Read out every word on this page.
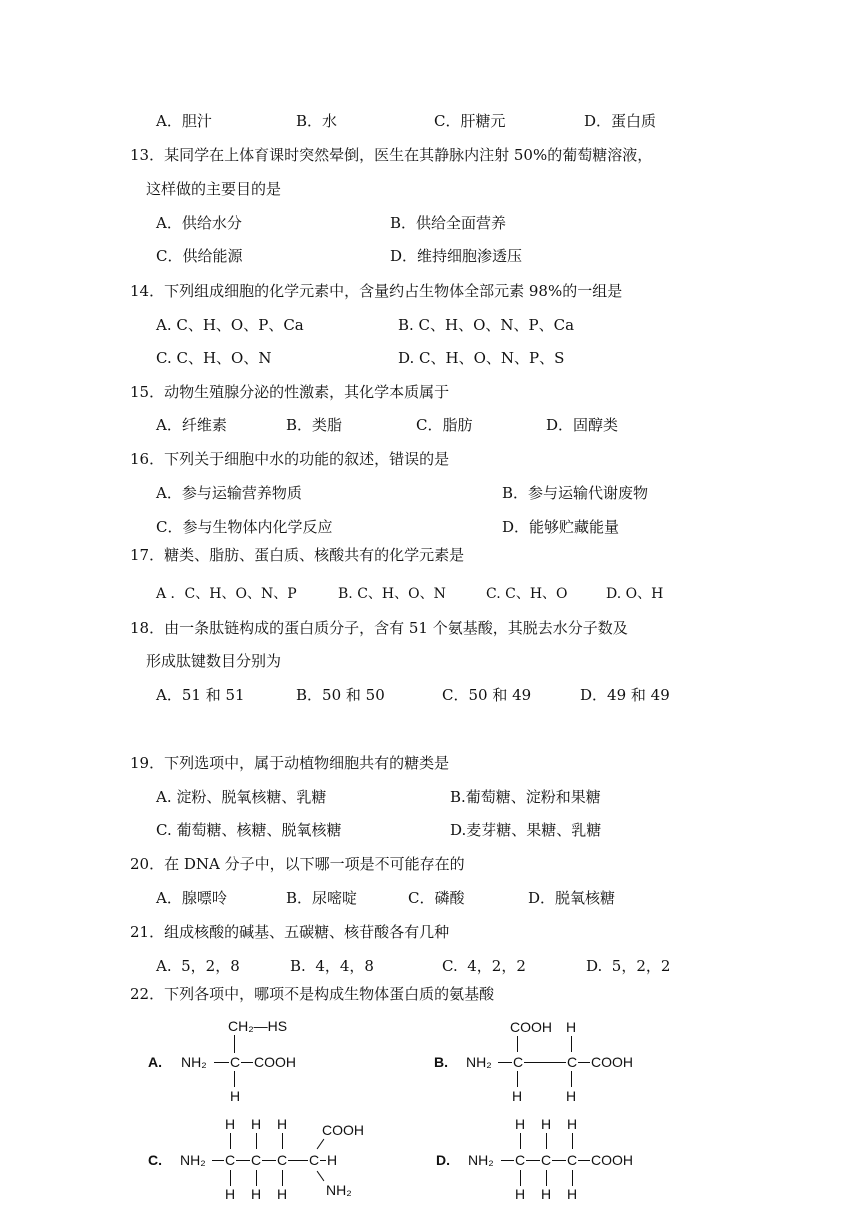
A．胆汁	B．水	C．肝糖元	D．蛋白质
13．某同学在上体育课时突然晕倒，医生在其静脉内注射 50%的葡萄糖溶液，
这样做的主要目的是
A．供给水分	B．供给全面营养
C．供给能源	D．维持细胞渗透压
14．下列组成细胞的化学元素中，含量约占生物体全部元素 98%的一组是
A. C、H、O、P、Ca	B. C、H、O、N、P、Ca
C. C、H、O、N	D. C、H、O、N、P、S
15．动物生殖腺分泌的性激素，其化学本质属于
A．纤维素	B．类脂	C．脂肪	D．固醇类
16．下列关于细胞中水的功能的叙述，错误的是
A．参与运输营养物质	B．参与运输代谢废物
C．参与生物体内化学反应	D．能够贮藏能量
17．糖类、脂肪、蛋白质、核酸共有的化学元素是
A ．C、H、O、N、P	B. C、H、O、N	C. C、H、O	D. O、H
18．由一条肽链构成的蛋白质分子，含有 51 个氨基酸，其脱去水分子数及
形成肽键数目分别为
A．51 和 51	B．50 和 50	C．50 和 49	D．49 和 49
19．下列选项中，属于动植物细胞共有的糖类是
A. 淀粉、脱氧核糖、乳糖	B.葡萄糖、淀粉和果糖
C. 葡萄糖、核糖、脱氧核糖	D.麦芽糖、果糖、乳糖
20．在 DNA 分子中，以下哪一项是不可能存在的
A．腺嘌呤	B．尿嘧啶	C．磷酸	D．脱氧核糖
21．组成核酸的碱基、五碳糖、核苷酸各有几种
A.  5，2，8	B.  4，4，8	C.  4，2，2	D.  5，2，2
22．下列各项中，哪项不是构成生物体蛋白质的氨基酸
CH₂—HS
A. NH₂ C COOH
H
COOH H
B. NH₂ C	C COOH
H	H
H H H COOH
C. NH₂ C C C C H
H H H	NH₂
H H H
D. NH₂ C C C COOH
H H H
